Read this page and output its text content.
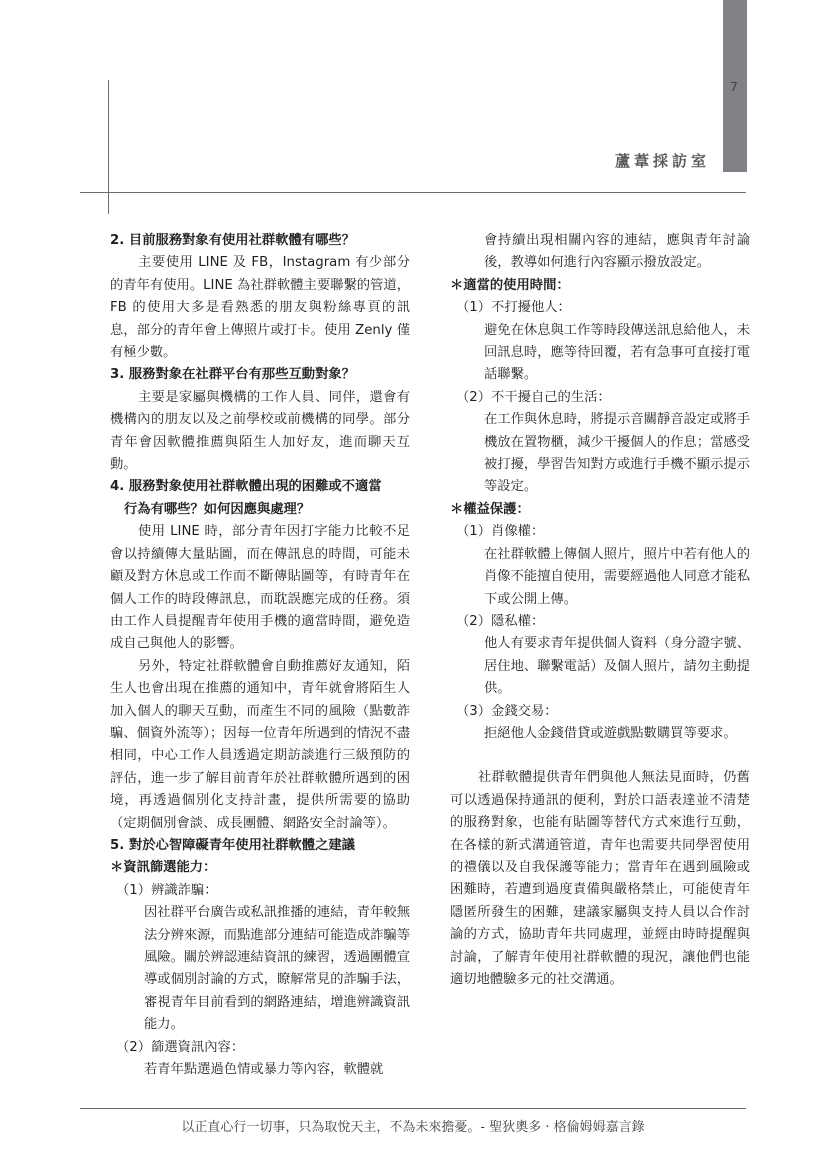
7
蘆葦採訪室

2. 目前服務對象有使用社群軟體有哪些？

主要使用 LINE 及 FB，Instagram 有少部分的青年有使用。LINE 為社群軟體主要聯繫的管道，FB 的使用大多是看熟悉的朋友與粉絲專頁的訊息，部分的青年會上傳照片或打卡。使用 Zenly 僅有極少數。

3. 服務對象在社群平台有那些互動對象？

主要是家屬與機構的工作人員、同伴，還會有機構內的朋友以及之前學校或前機構的同學。部分青年會因軟體推薦與陌生人加好友，進而聊天互動。

4. 服務對象使用社群軟體出現的困難或不適當
行為有哪些？如何因應與處理？

使用 LINE 時，部分青年因打字能力比較不足會以持續傳大量貼圖，而在傳訊息的時間，可能未顧及對方休息或工作而不斷傳貼圖等，有時青年在個人工作的時段傳訊息，而耽誤應完成的任務。須由工作人員提醒青年使用手機的適當時間，避免造成自己與他人的影響。

另外，特定社群軟體會自動推薦好友通知，陌生人也會出現在推薦的通知中，青年就會將陌生人加入個人的聊天互動，而產生不同的風險（點數詐騙、個資外流等）；因每一位青年所遇到的情況不盡相同，中心工作人員透過定期訪談進行三級預防的評估，進一步了解目前青年於社群軟體所遇到的困境，再透過個別化支持計畫，提供所需要的協助（定期個別會談、成長團體、網路安全討論等）。

5. 對於心智障礙青年使用社群軟體之建議

＊資訊篩選能力：

（1）辨識詐騙：

因社群平台廣告或私訊推播的連結，青年較無法分辨來源，而點進部分連結可能造成詐騙等風險。關於辨認連結資訊的練習，透過團體宣導或個別討論的方式，瞭解常見的詐騙手法，審視青年目前看到的網路連結，增進辨識資訊能力。

（2）篩選資訊內容：

若青年點選過色情或暴力等內容，軟體就

會持續出現相關內容的連結，應與青年討論後，教導如何進行內容顯示撥放設定。

＊適當的使用時間：

（1）不打擾他人：

避免在休息與工作等時段傳送訊息給他人，未回訊息時，應等待回覆，若有急事可直接打電話聯繫。

（2）不干擾自己的生活：

在工作與休息時，將提示音關靜音設定或將手機放在置物櫃，減少干擾個人的作息；當感受被打擾，學習告知對方或進行手機不顯示提示等設定。

＊權益保護：

（1）肖像權：

在社群軟體上傳個人照片，照片中若有他人的肖像不能擅自使用，需要經過他人同意才能私下或公開上傳。

（2）隱私權：

他人有要求青年提供個人資料（身分證字號、居住地、聯繫電話）及個人照片，請勿主動提供。

（3）金錢交易：

拒絕他人金錢借貸或遊戲點數購買等要求。

社群軟體提供青年們與他人無法見面時，仍舊可以透過保持通訊的便利，對於口語表達並不清楚的服務對象，也能有貼圖等替代方式來進行互動，在各樣的新式溝通管道，青年也需要共同學習使用的禮儀以及自我保護等能力；當青年在遇到風險或困難時，若遭到過度責備與嚴格禁止，可能使青年隱匿所發生的困難，建議家屬與支持人員以合作討論的方式，協助青年共同處理，並經由時時提醒與討論，了解青年使用社群軟體的現況，讓他們也能適切地體驗多元的社交溝通。

以正直心行一切事，只為取悅天主，不為未來擔憂。- 聖狄奧多 ‧ 格倫姆姆嘉言錄
